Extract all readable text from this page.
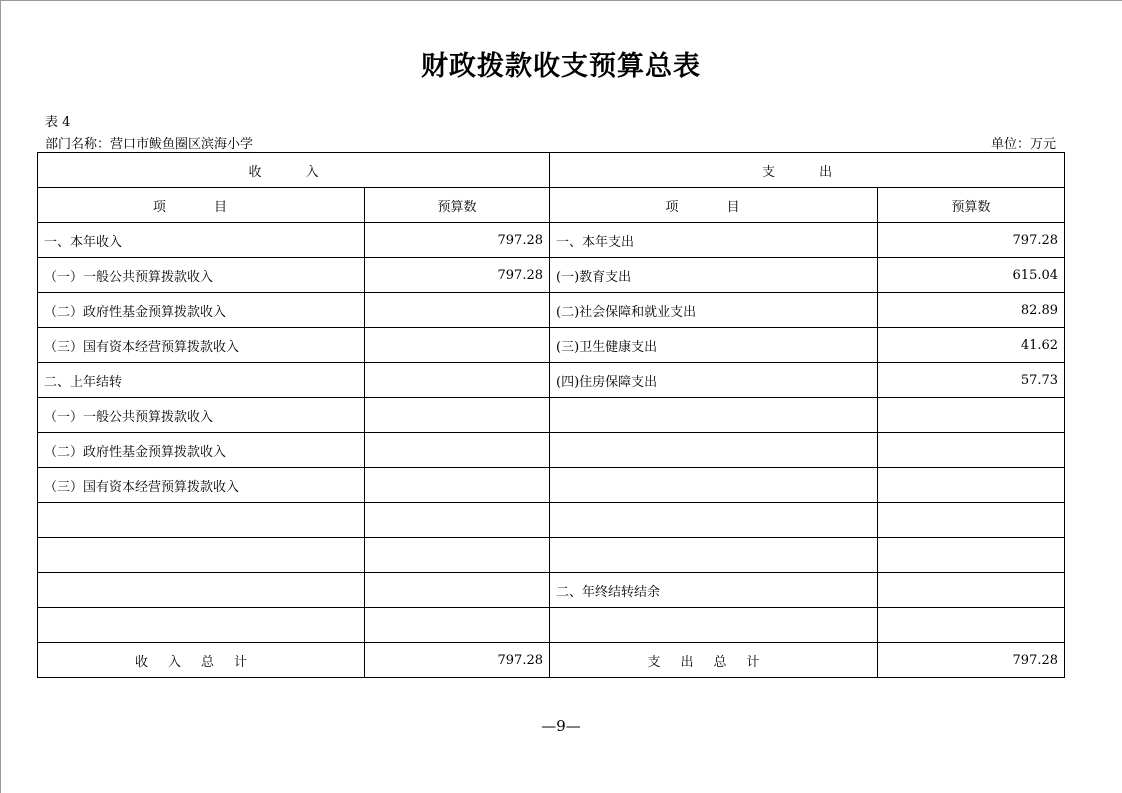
财政拨款收支预算总表
表 4
部门名称：营口市鲅鱼圈区滨海小学	单位：万元
收 入		支 出	
项 目	预算数	项 目	预算数
一、本年收入	797.28	一、本年支出	797.28
（一）一般公共预算拨款收入	797.28	(一)教育支出	615.04
（二）政府性基金预算拨款收入		(二)社会保障和就业支出	82.89
（三）国有资本经营预算拨款收入		(三)卫生健康支出	41.62
二、上年结转		(四)住房保障支出	57.73
（一）一般公共预算拨款收入			
（二）政府性基金预算拨款收入			
（三）国有资本经营预算拨款收入			

		二、年终结转结余	

收入总计	797.28	支出总计	797.28
—9—
